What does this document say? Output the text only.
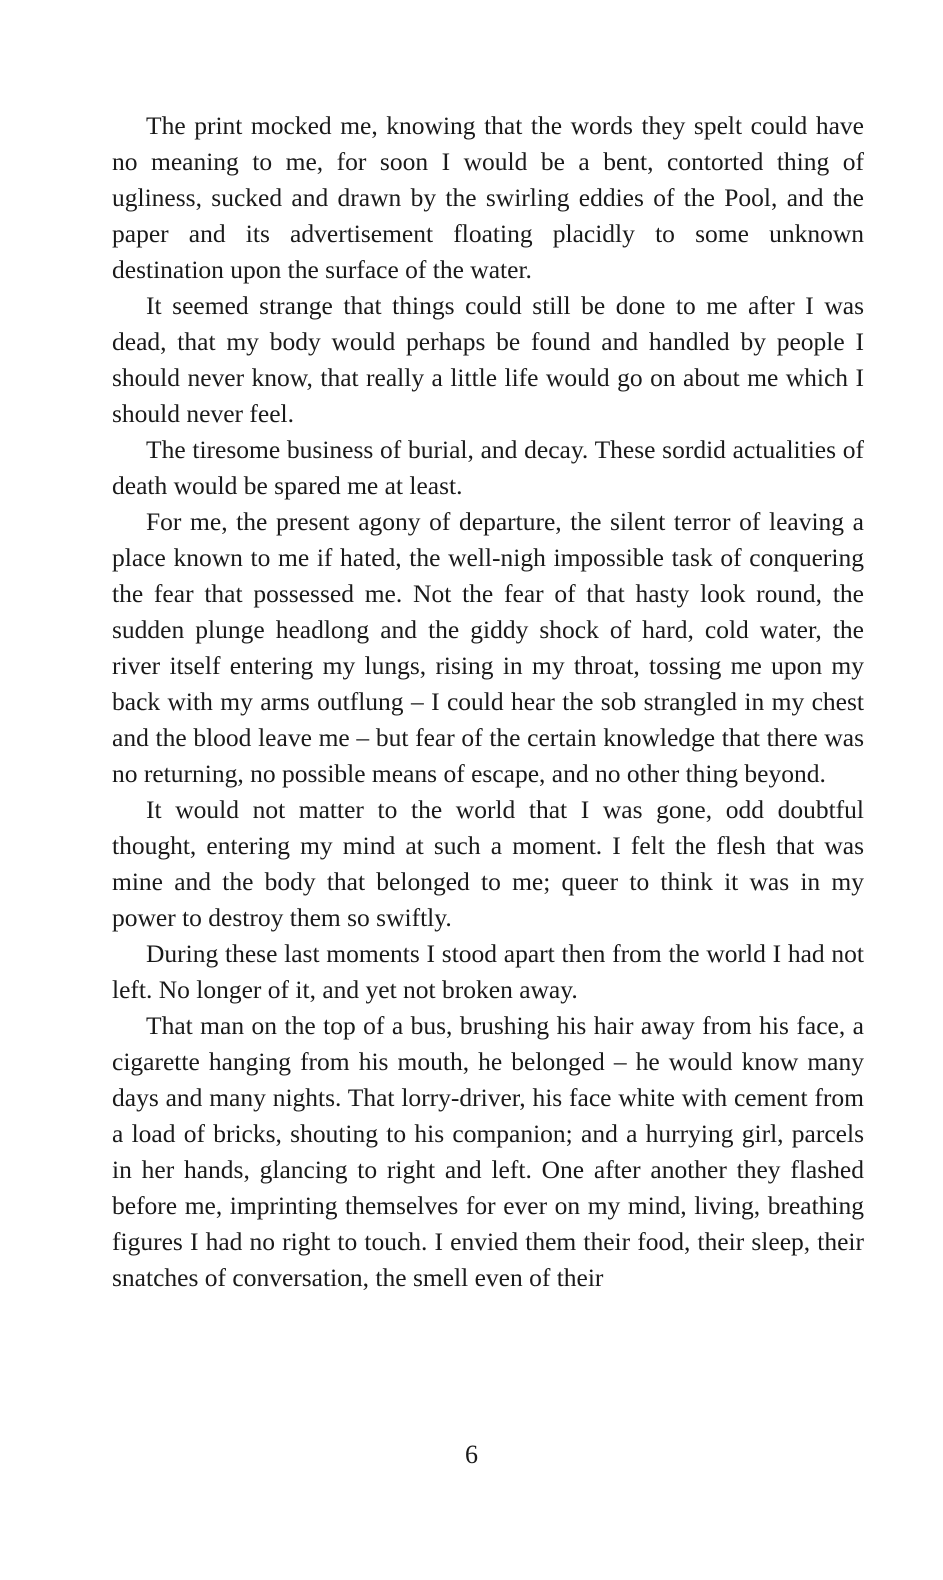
The print mocked me, knowing that the words they spelt could have no meaning to me, for soon I would be a bent, contorted thing of ugliness, sucked and drawn by the swirling eddies of the Pool, and the paper and its advertisement floating placidly to some unknown destination upon the surface of the water.

It seemed strange that things could still be done to me after I was dead, that my body would perhaps be found and handled by people I should never know, that really a little life would go on about me which I should never feel.

The tiresome business of burial, and decay. These sordid actualities of death would be spared me at least.

For me, the present agony of departure, the silent terror of leaving a place known to me if hated, the well-nigh impossible task of conquering the fear that possessed me. Not the fear of that hasty look round, the sudden plunge headlong and the giddy shock of hard, cold water, the river itself entering my lungs, rising in my throat, tossing me upon my back with my arms outflung – I could hear the sob strangled in my chest and the blood leave me – but fear of the certain knowledge that there was no returning, no possible means of escape, and no other thing beyond.

It would not matter to the world that I was gone, odd doubtful thought, entering my mind at such a moment. I felt the flesh that was mine and the body that belonged to me; queer to think it was in my power to destroy them so swiftly.

During these last moments I stood apart then from the world I had not left. No longer of it, and yet not broken away.

That man on the top of a bus, brushing his hair away from his face, a cigarette hanging from his mouth, he belonged – he would know many days and many nights. That lorry-driver, his face white with cement from a load of bricks, shouting to his companion; and a hurrying girl, parcels in her hands, glancing to right and left. One after another they flashed before me, imprinting themselves for ever on my mind, living, breathing figures I had no right to touch. I envied them their food, their sleep, their snatches of conversation, the smell even of their

6
